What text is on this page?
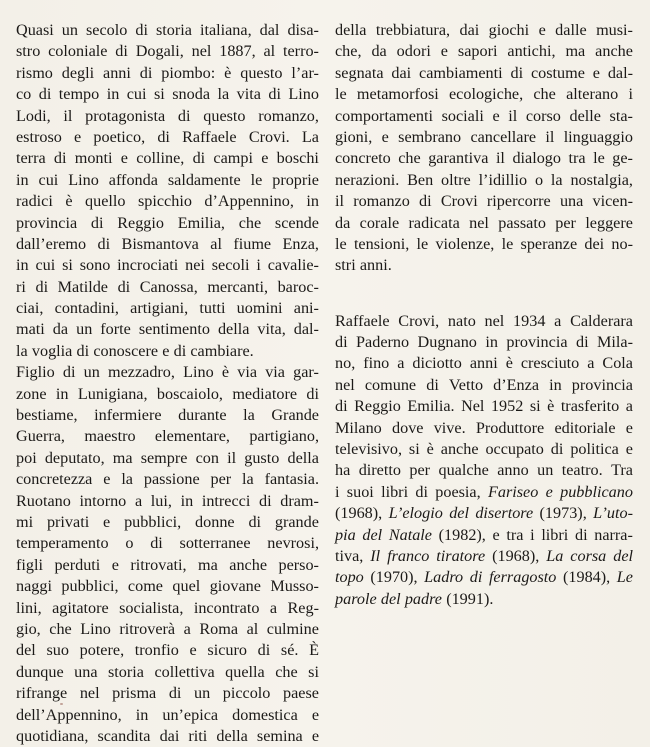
Quasi un secolo di storia italiana, dal disa-
stro coloniale di Dogali, nel 1887, al terro-
rismo degli anni di piombo: è questo l’ar-
co di tempo in cui si snoda la vita di Lino
Lodi, il protagonista di questo romanzo,
estroso e poetico, di Raffaele Crovi. La
terra di monti e colline, di campi e boschi
in cui Lino affonda saldamente le proprie
radici è quello spicchio d’Appennino, in
provincia di Reggio Emilia, che scende
dall’eremo di Bismantova al fiume Enza,
in cui si sono incrociati nei secoli i cavalie-
ri di Matilde di Canossa, mercanti, baroc-
ciai, contadini, artigiani, tutti uomini ani-
mati da un forte sentimento della vita, dal-
la voglia di conoscere e di cambiare.
Figlio di un mezzadro, Lino è via via gar-
zone in Lunigiana, boscaiolo, mediatore di
bestiame, infermiere durante la Grande
Guerra, maestro elementare, partigiano,
poi deputato, ma sempre con il gusto della
concretezza e la passione per la fantasia.
Ruotano intorno a lui, in intrecci di dram-
mi privati e pubblici, donne di grande
temperamento o di sotterranee nevrosi,
figli perduti e ritrovati, ma anche perso-
naggi pubblici, come quel giovane Musso-
lini, agitatore socialista, incontrato a Reg-
gio, che Lino ritroverà a Roma al culmine
del suo potere, tronfio e sicuro di sé. È
dunque una storia collettiva quella che si
rifrange nel prisma di un piccolo paese
dell’Appennino, in un’epica domestica e
quotidiana, scandita dai riti della semina e
della trebbiatura, dai giochi e dalle musi-
che, da odori e sapori antichi, ma anche
segnata dai cambiamenti di costume e dal-
le metamorfosi ecologiche, che alterano i
comportamenti sociali e il corso delle sta-
gioni, e sembrano cancellare il linguaggio
concreto che garantiva il dialogo tra le ge-
nerazioni. Ben oltre l’idillio o la nostalgia,
il romanzo di Crovi ripercorre una vicen-
da corale radicata nel passato per leggere
le tensioni, le violenze, le speranze dei no-
stri anni.
Raffaele Crovi, nato nel 1934 a Calderara
di Paderno Dugnano in provincia di Mila-
no, fino a diciotto anni è cresciuto a Cola
nel comune di Vetto d’Enza in provincia
di Reggio Emilia. Nel 1952 si è trasferito a
Milano dove vive. Produttore editoriale e
televisivo, si è anche occupato di politica e
ha diretto per qualche anno un teatro. Tra
i suoi libri di poesia, Fariseo e pubblicano
(1968), L’elogio del disertore (1973), L’uto-
pia del Natale (1982), e tra i libri di narra-
tiva, Il franco tiratore (1968), La corsa del
topo (1970), Ladro di ferragosto (1984), Le
parole del padre (1991).
